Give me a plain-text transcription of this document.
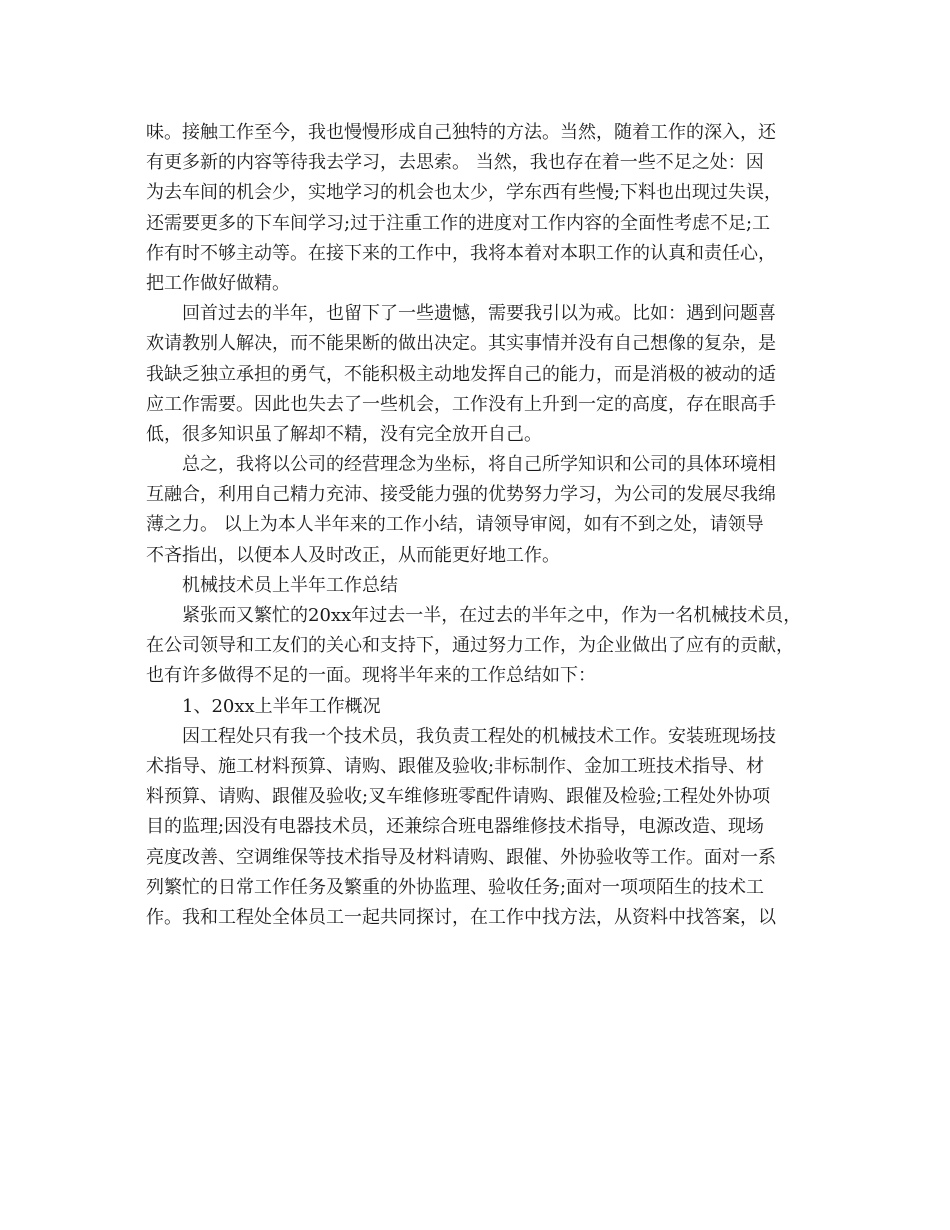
味。接触工作至今，我也慢慢形成自己独特的方法。当然，随着工作的深入，还
有更多新的内容等待我去学习，去思索。 当然，我也存在着一些不足之处：因
为去车间的机会少，实地学习的机会也太少，学东西有些慢;下料也出现过失误，
还需要更多的下车间学习;过于注重工作的进度对工作内容的全面性考虑不足;工
作有时不够主动等。在接下来的工作中，我将本着对本职工作的认真和责任心，
把工作做好做精。
回首过去的半年，也留下了一些遗憾，需要我引以为戒。比如：遇到问题喜
欢请教别人解决，而不能果断的做出决定。其实事情并没有自己想像的复杂，是
我缺乏独立承担的勇气，不能积极主动地发挥自己的能力，而是消极的被动的适
应工作需要。因此也失去了一些机会，工作没有上升到一定的高度，存在眼高手
低，很多知识虽了解却不精，没有完全放开自己。
总之，我将以公司的经营理念为坐标，将自己所学知识和公司的具体环境相
互融合，利用自己精力充沛、接受能力强的优势努力学习，为公司的发展尽我绵
薄之力。 以上为本人半年来的工作小结，请领导审阅，如有不到之处，请领导
不吝指出，以便本人及时改正，从而能更好地工作。
机械技术员上半年工作总结
紧张而又繁忙的20xx年过去一半，在过去的半年之中，作为一名机械技术员，
在公司领导和工友们的关心和支持下，通过努力工作，为企业做出了应有的贡献，
也有许多做得不足的一面。现将半年来的工作总结如下：
1、20xx上半年工作概况
因工程处只有我一个技术员，我负责工程处的机械技术工作。安装班现场技
术指导、施工材料预算、请购、跟催及验收;非标制作、金加工班技术指导、材
料预算、请购、跟催及验收;叉车维修班零配件请购、跟催及检验;工程处外协项
目的监理;因没有电器技术员，还兼综合班电器维修技术指导，电源改造、现场
亮度改善、空调维保等技术指导及材料请购、跟催、外协验收等工作。面对一系
列繁忙的日常工作任务及繁重的外协监理、验收任务;面对一项项陌生的技术工
作。我和工程处全体员工一起共同探讨，在工作中找方法，从资料中找答案，以
